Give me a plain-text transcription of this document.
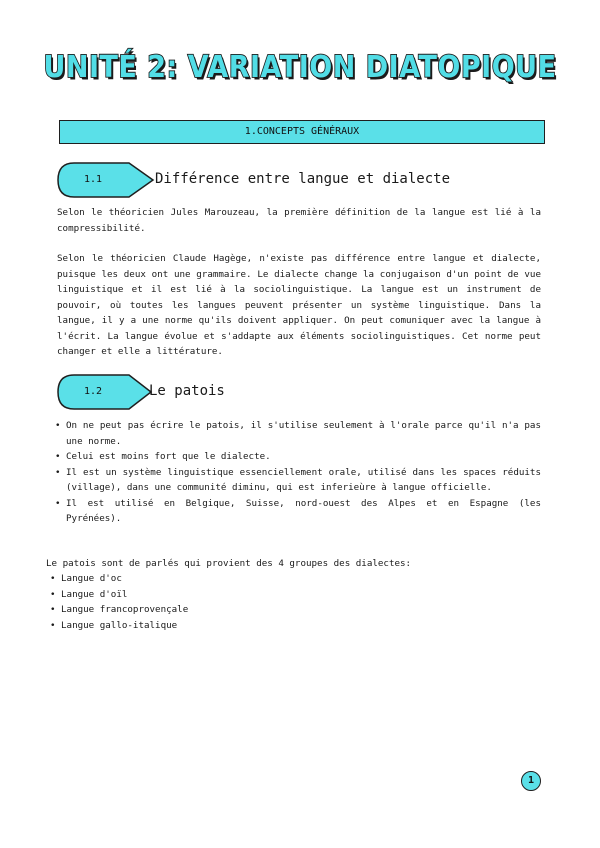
UNITÉ 2: VARIATION DIATOPIQUE
1.CONCEPTS GÉNÉRAUX
1.1	Différence entre langue et dialecte

Selon le théoricien Jules Marouzeau, la première définition de la langue est lié à la compressibilité.

Selon le théoricien Claude Hagège, n'existe pas différence entre langue et dialecte, puisque les deux ont une grammaire. Le dialecte change la conjugaison d'un point de vue linguistique et il est lié à la sociolinguistique. La langue est un instrument de pouvoir, où toutes les langues peuvent présenter un système linguistique. Dans la langue, il y a une norme qu'ils doivent appliquer. On peut comuniquer avec la langue à l'écrit. La langue évolue et s'addapte aux éléments sociolinguistiques. Cet norme peut changer et elle a littérature.

1.2	Le patois
• On ne peut pas écrire le patois, il s'utilise seulement à l'orale parce qu'il n'a pas une norme.
• Celui est moins fort que le dialecte.
• Il est un système linguistique essenciellement orale, utilisé dans les spaces réduits (village), dans une communité diminu, qui est inferieùre à langue officielle.
• Il est utilisé en Belgique, Suisse, nord-ouest des Alpes et en Espagne (les Pyrénées).

Le patois sont de parlés qui provient des 4 groupes des dialectes:

• Langue d'oc
• Langue d'oïl
• Langue francoprovençale
• Langue gallo-italique
1
